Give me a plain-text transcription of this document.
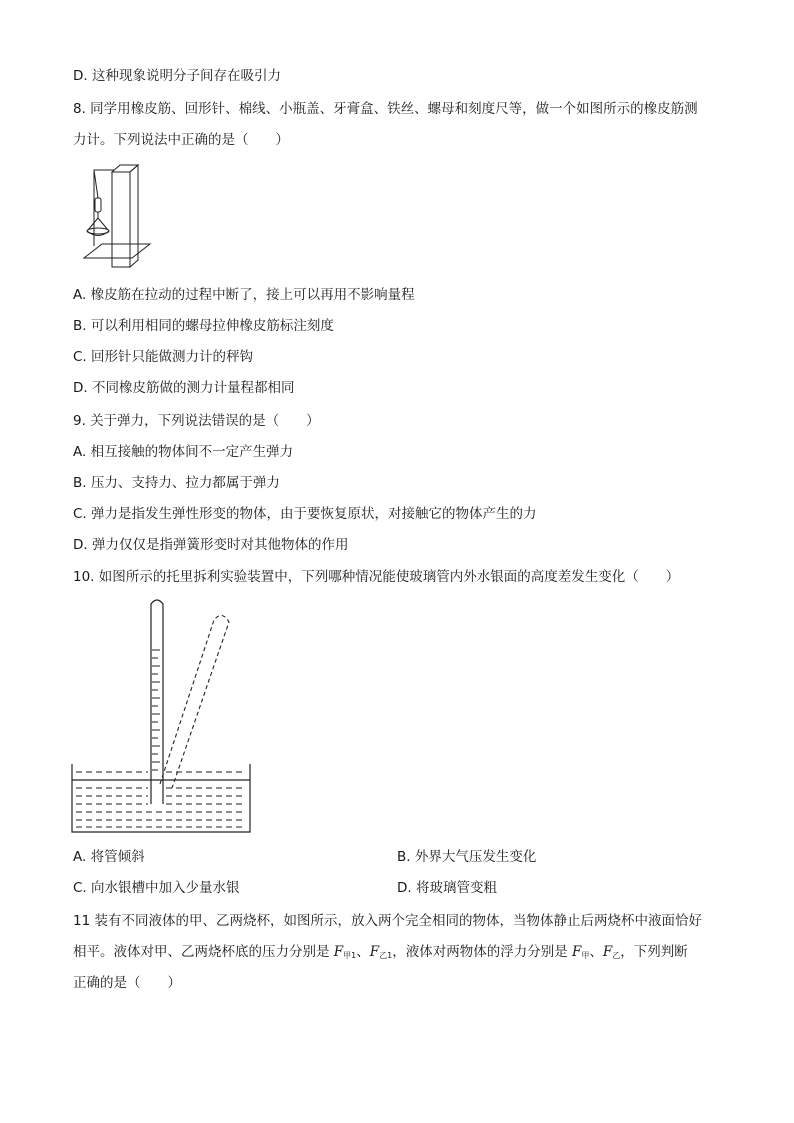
D. 这种现象说明分子间存在吸引力
8. 同学用橡皮筋、回形针、棉线、小瓶盖、牙膏盒、铁丝、螺母和刻度尺等，做一个如图所示的橡皮筋测
力计。下列说法中正确的是（　　）
A. 橡皮筋在拉动的过程中断了，接上可以再用不影响量程
B. 可以利用相同的螺母拉伸橡皮筋标注刻度
C. 回形针只能做测力计的秤钩
D. 不同橡皮筋做的测力计量程都相同
9. 关于弹力，下列说法错误的是（　　）
A. 相互接触的物体间不一定产生弹力
B. 压力、支持力、拉力都属于弹力
C. 弹力是指发生弹性形变的物体，由于要恢复原状，对接触它的物体产生的力
D. 弹力仅仅是指弹簧形变时对其他物体的作用
10. 如图所示的托里拆利实验装置中，下列哪种情况能使玻璃管内外水银面的高度差发生变化（　　）
A. 将管倾斜	B. 外界大气压发生变化
C. 向水银槽中加入少量水银	D. 将玻璃管变粗
11 装有不同液体的甲、乙两烧杯，如图所示，放入两个完全相同的物体，当物体静止后两烧杯中液面恰好
相平。液体对甲、乙两烧杯底的压力分别是 $F_{甲1}$、$F_{乙1}$，液体对两物体的浮力分别是 $F_甲$、$F_乙$，下列判断
正确的是（　　）
